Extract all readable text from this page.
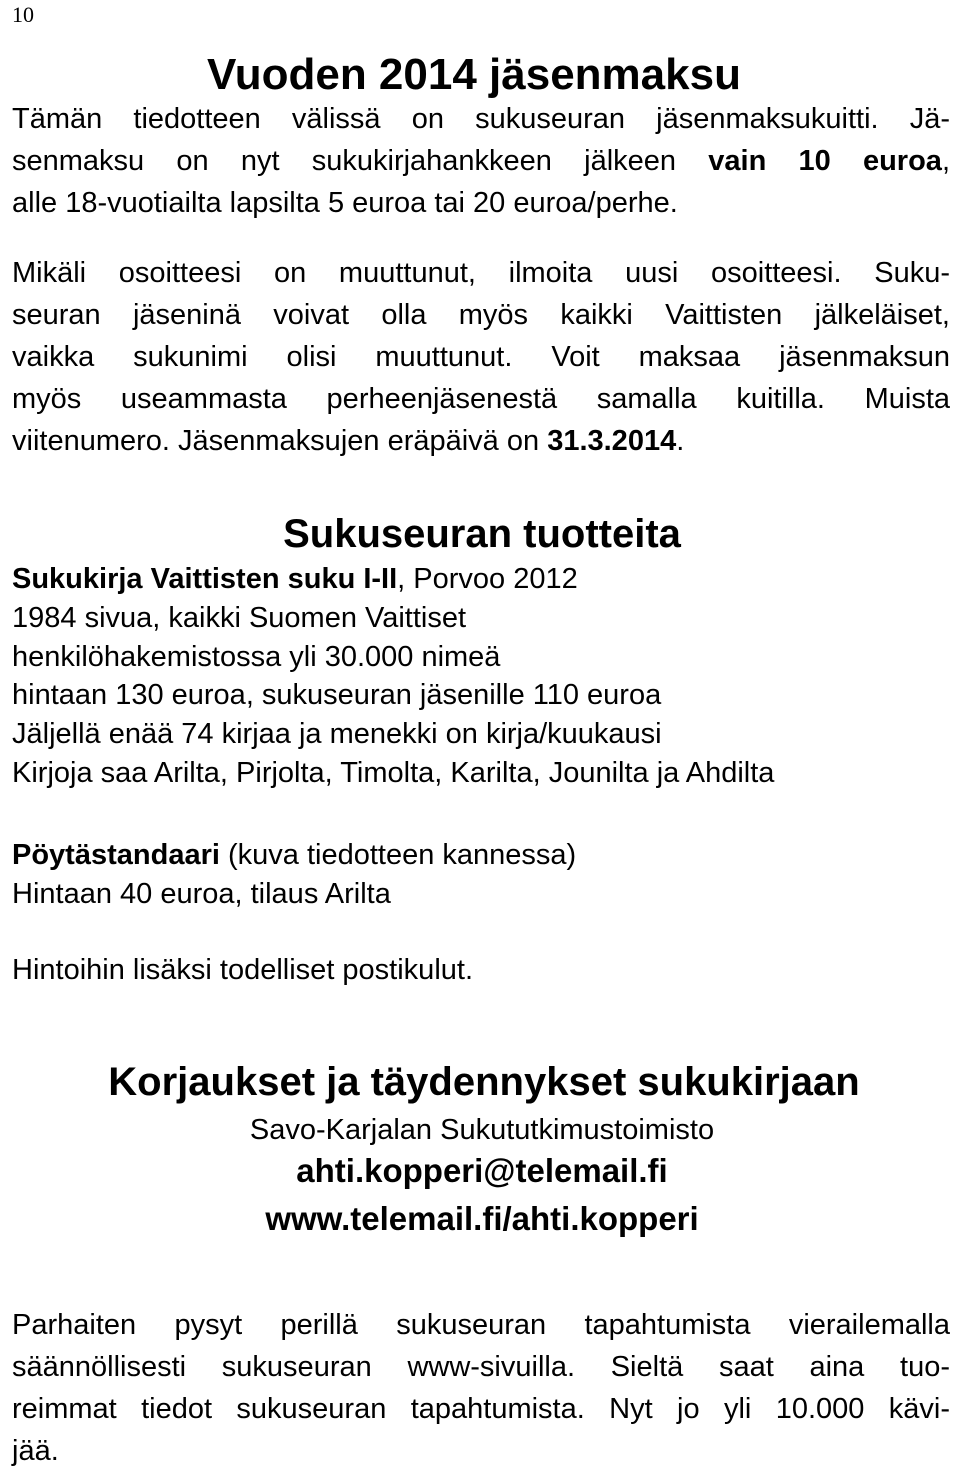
10
Vuoden 2014 jäsenmaksu
Tämän tiedotteen välissä on sukuseuran jäsenmaksukuitti. Jä-
senmaksu on nyt sukukirjahankkeen jälkeen vain 10 euroa,
alle 18-vuotiailta lapsilta 5 euroa tai 20 euroa/perhe.
Mikäli osoitteesi on muuttunut, ilmoita uusi osoitteesi. Suku-
seuran jäseninä voivat olla myös kaikki Vaittisten jälkeläiset,
vaikka sukunimi olisi muuttunut. Voit maksaa jäsenmaksun
myös useammasta perheenjäsenestä samalla kuitilla. Muista
viitenumero. Jäsenmaksujen eräpäivä on 31.3.2014.
Sukuseuran tuotteita
Sukukirja Vaittisten suku I-II, Porvoo 2012
1984 sivua, kaikki Suomen Vaittiset
henkilöhakemistossa yli 30.000 nimeä
hintaan 130 euroa, sukuseuran jäsenille 110 euroa
Jäljellä enää 74 kirjaa ja menekki on kirja/kuukausi
Kirjoja saa Arilta, Pirjolta, Timolta, Karilta, Jounilta ja Ahdilta
Pöytästandaari (kuva tiedotteen kannessa)
Hintaan 40 euroa, tilaus Arilta
Hintoihin lisäksi todelliset postikulut.
Korjaukset ja täydennykset sukukirjaan
Savo-Karjalan Sukututkimustoimisto
ahti.kopperi@telemail.fi
www.telemail.fi/ahti.kopperi
Parhaiten pysyt perillä sukuseuran tapahtumista vierailemalla
säännöllisesti sukuseuran www-sivuilla. Sieltä saat aina tuo-
reimmat tiedot sukuseuran tapahtumista. Nyt jo yli 10.000 kävi-
jää.
